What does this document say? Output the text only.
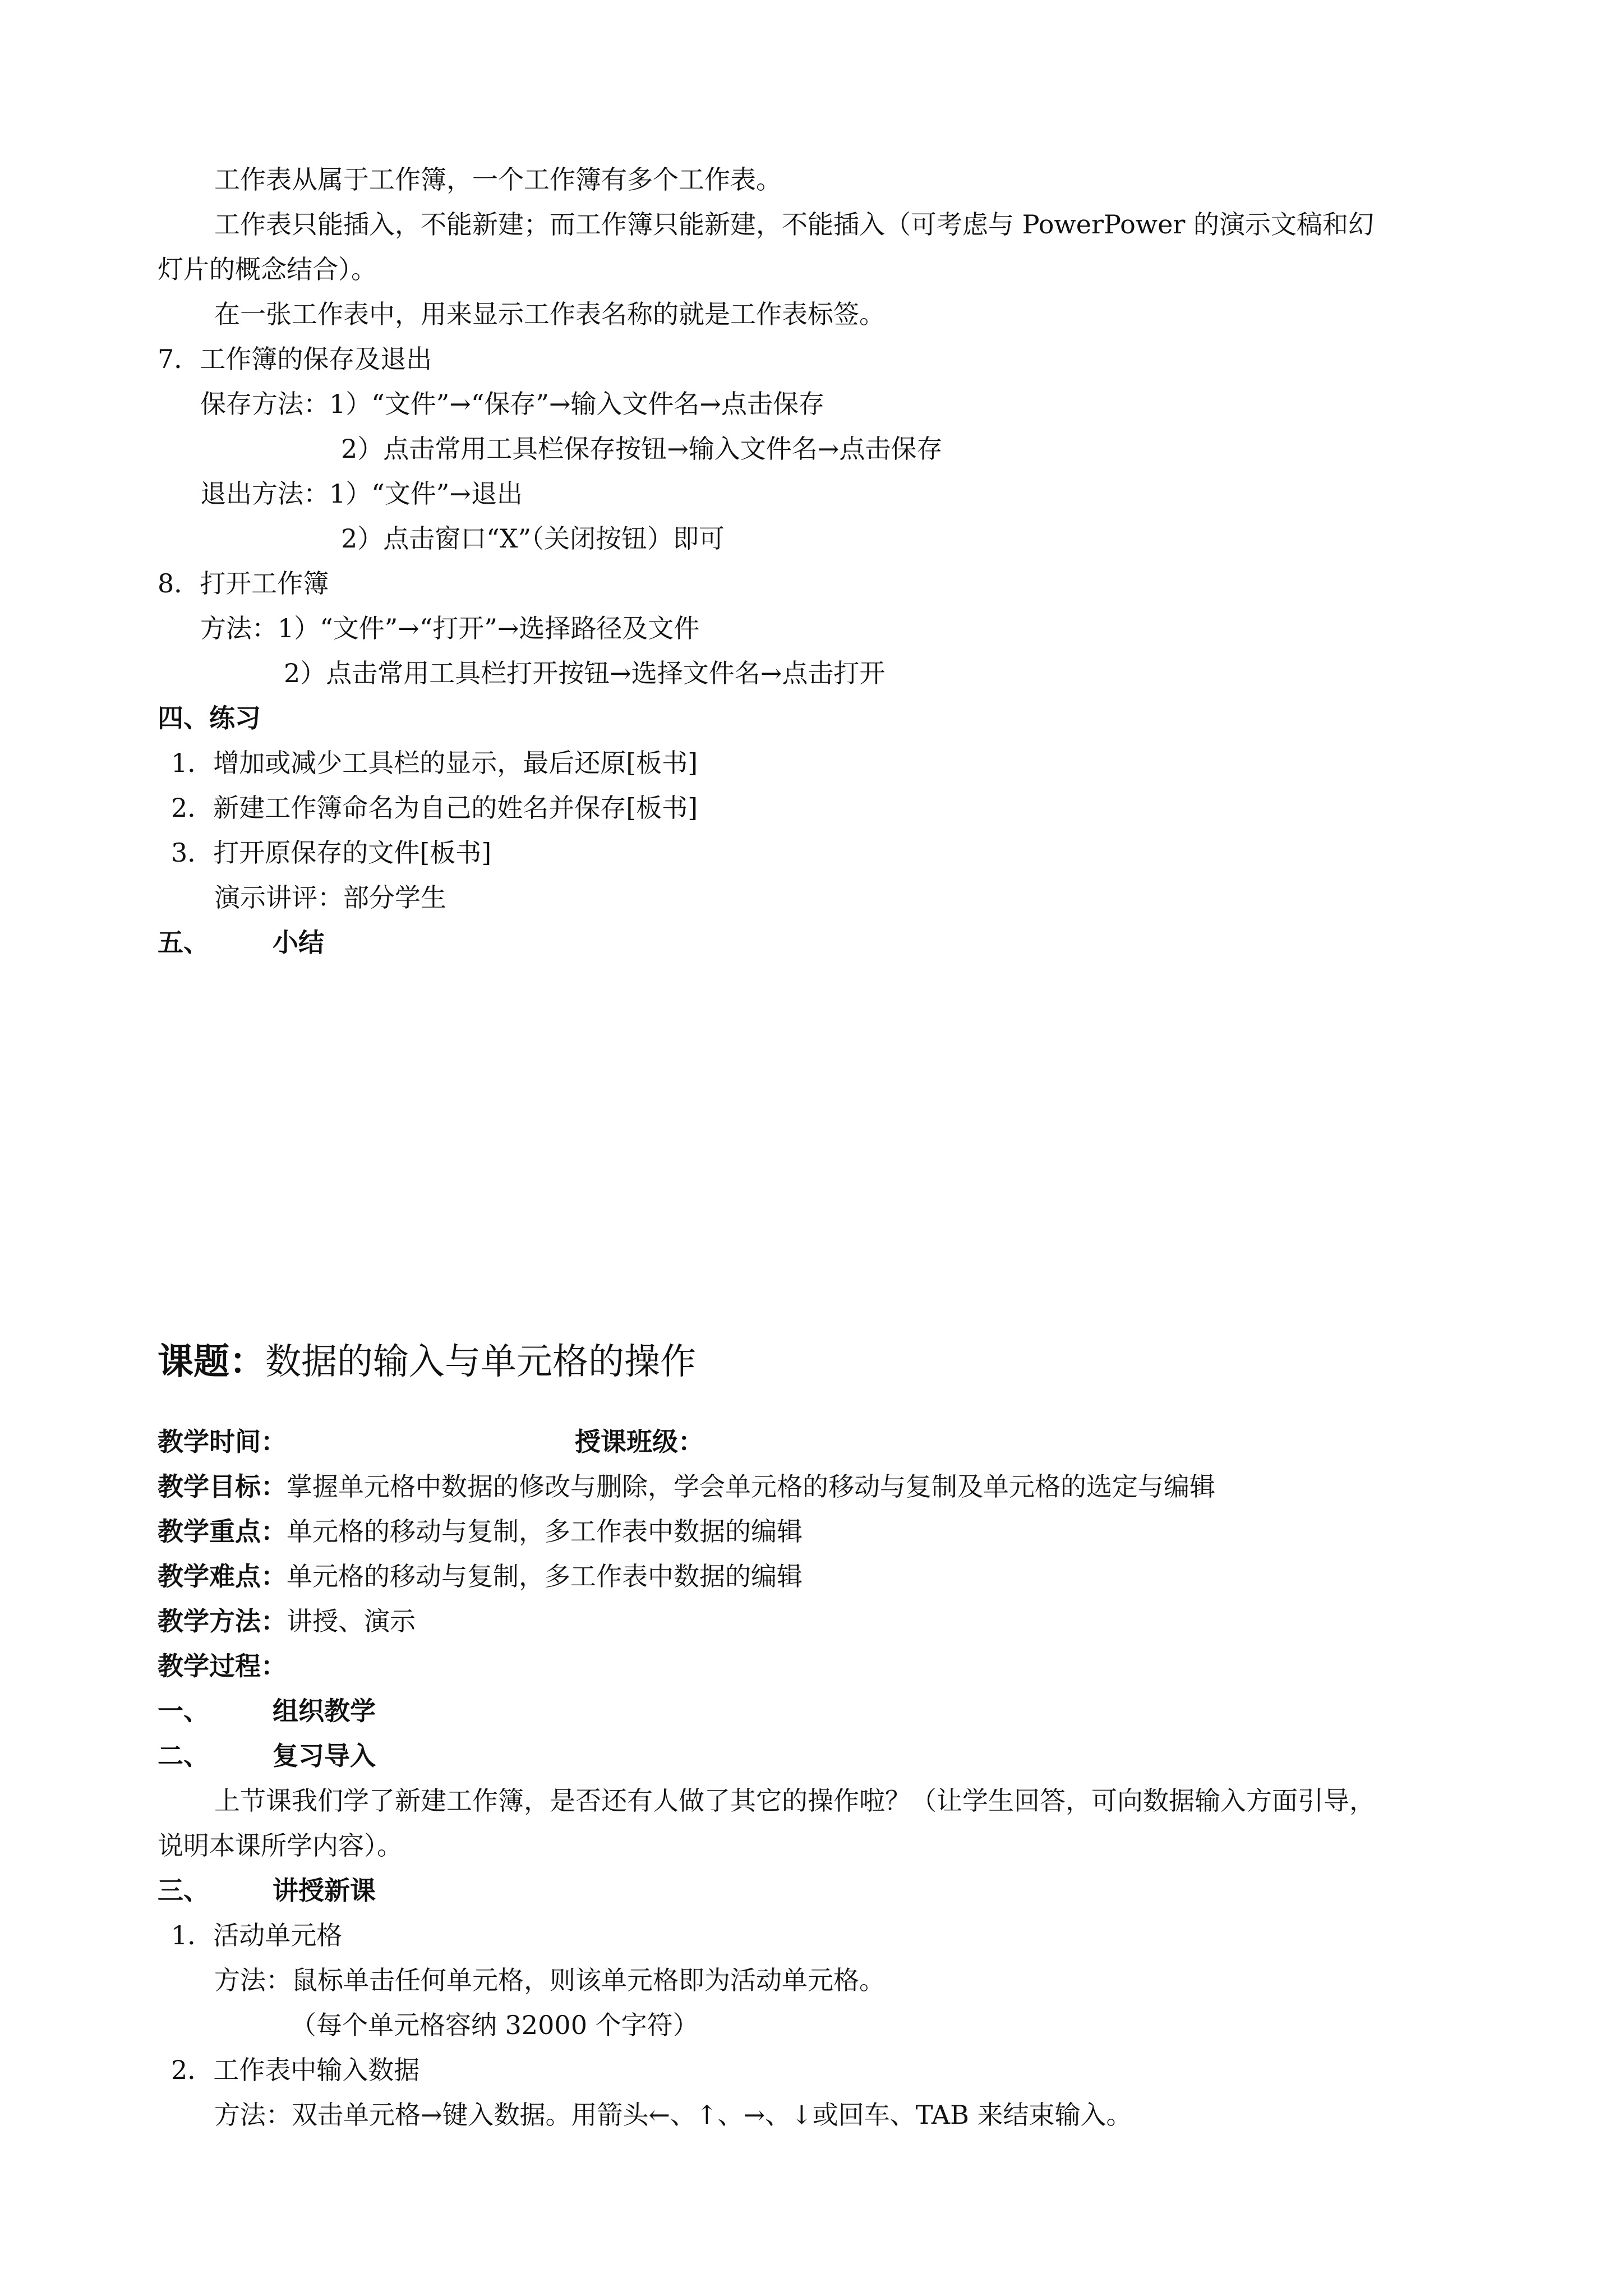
工作表从属于工作簿，一个工作簿有多个工作表。
工作表只能插入，不能新建；而工作簿只能新建，不能插入（可考虑与 PowerPower 的演示文稿和幻
灯片的概念结合）。
在一张工作表中，用来显示工作表名称的就是工作表标签。
7．工作簿的保存及退出
保存方法：1）“文件”→“保存”→输入文件名→点击保存
2）点击常用工具栏保存按钮→输入文件名→点击保存
退出方法：1）“文件”→退出
2）点击窗口“X”（关闭按钮）即可
8．打开工作簿
方法：1）“文件”→“打开”→选择路径及文件
2）点击常用工具栏打开按钮→选择文件名→点击打开
四、练习
1．增加或减少工具栏的显示，最后还原[板书]
2．新建工作簿命名为自己的姓名并保存[板书]
3．打开原保存的文件[板书]
演示讲评：部分学生
五、 小结
课题：数据的输入与单元格的操作
教学时间：	授课班级：
教学目标：掌握单元格中数据的修改与删除，学会单元格的移动与复制及单元格的选定与编辑
教学重点：单元格的移动与复制，多工作表中数据的编辑
教学难点：单元格的移动与复制，多工作表中数据的编辑
教学方法：讲授、演示
教学过程：
一、 组织教学
二、 复习导入
上节课我们学了新建工作簿，是否还有人做了其它的操作啦？（让学生回答，可向数据输入方面引导，
说明本课所学内容）。
三、 讲授新课
1．活动单元格
方法：鼠标单击任何单元格，则该单元格即为活动单元格。
（每个单元格容纳 32000 个字符）
2．工作表中输入数据
方法：双击单元格→键入数据。用箭头←、↑、→、↓或回车、TAB 来结束输入。
